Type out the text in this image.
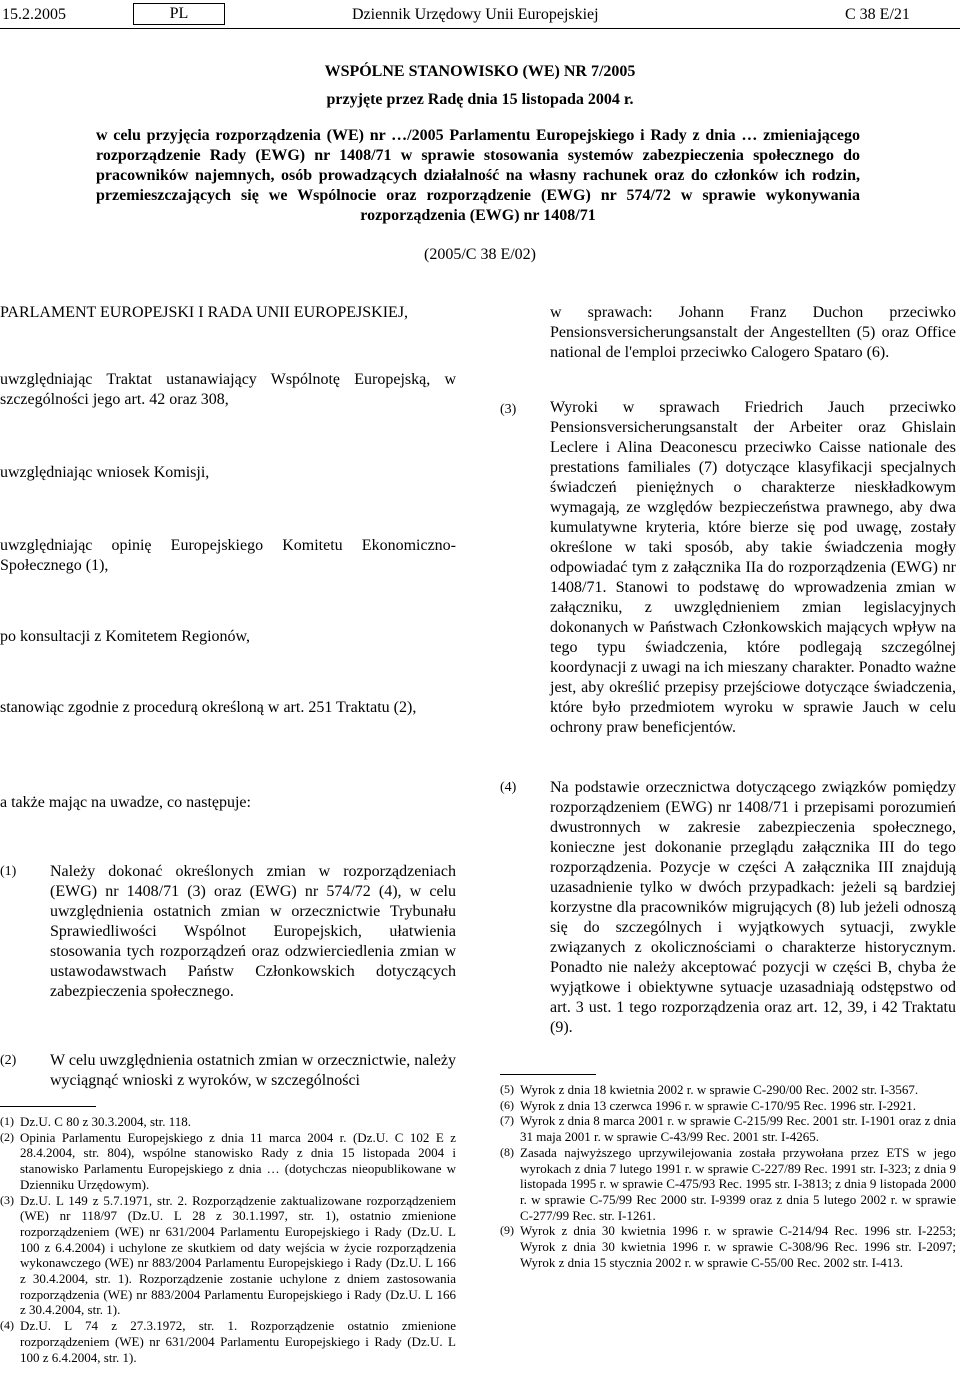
15.2.2005	PL	Dziennik Urzędowy Unii Europejskiej	C 38 E/21
WSPÓLNE STANOWISKO (WE) NR 7/2005
przyjęte przez Radę dnia 15 listopada 2004 r.
w celu przyjęcia rozporządzenia (WE) nr …/2005 Parlamentu Europejskiego i Rady z dnia … zmieniającego rozporządzenie Rady (EWG) nr 1408/71 w sprawie stosowania systemów zabezpieczenia społecznego do pracowników najemnych, osób prowadzących działalność na własny rachunek oraz do członków ich rodzin, przemieszczających się we Wspólnocie oraz rozporządzenie (EWG) nr 574/72 w sprawie wykonywania rozporządzenia (EWG) nr 1408/71
(2005/C 38 E/02)
PARLAMENT EUROPEJSKI I RADA UNII EUROPEJSKIEJ,
uwzględniając Traktat ustanawiający Wspólnotę Europejską, w szczególności jego art. 42 oraz 308,
uwzględniając wniosek Komisji,
uwzględniając opinię Europejskiego Komitetu Ekonomiczno-Społecznego (1),
po konsultacji z Komitetem Regionów,
stanowiąc zgodnie z procedurą określoną w art. 251 Traktatu (2),
a także mając na uwadze, co następuje:
(1) Należy dokonać określonych zmian w rozporządzeniach (EWG) nr 1408/71 (3) oraz (EWG) nr 574/72 (4), w celu uwzględnienia ostatnich zmian w orzecznictwie Trybunału Sprawiedliwości Wspólnot Europejskich, ułatwienia stosowania tych rozporządzeń oraz odzwierciedlenia zmian w ustawodawstwach Państw Członkowskich dotyczących zabezpieczenia społecznego.
(2) W celu uwzględnienia ostatnich zmian w orzecznictwie, należy wyciągnąć wnioski z wyroków, w szczególności
(1) Dz.U. C 80 z 30.3.2004, str. 118.
(2) Opinia Parlamentu Europejskiego z dnia 11 marca 2004 r. (Dz.U. C 102 E z 28.4.2004, str. 804), wspólne stanowisko Rady z dnia 15 listopada 2004 i stanowisko Parlamentu Europejskiego z dnia … (dotychczas nieopublikowane w Dzienniku Urzędowym).
(3) Dz.U. L 149 z 5.7.1971, str. 2. Rozporządzenie zaktualizowane rozporządzeniem (WE) nr 118/97 (Dz.U. L 28 z 30.1.1997, str. 1), ostatnio zmienione rozporządzeniem (WE) nr 631/2004 Parlamentu Europejskiego i Rady (Dz.U. L 100 z 6.4.2004) i uchylone ze skutkiem od daty wejścia w życie rozporządzenia wykonawczego (WE) nr 883/2004 Parlamentu Europejskiego i Rady (Dz.U. L 166 z 30.4.2004, str. 1). Rozporządzenie zostanie uchylone z dniem zastosowania rozporządzenia (WE) nr 883/2004 Parlamentu Europejskiego i Rady (Dz.U. L 166 z 30.4.2004, str. 1).
(4) Dz.U. L 74 z 27.3.1972, str. 1. Rozporządzenie ostatnio zmienione rozporządzeniem (WE) nr 631/2004 Parlamentu Europejskiego i Rady (Dz.U. L 100 z 6.4.2004, str. 1).
w sprawach: Johann Franz Duchon przeciwko Pensionsversicherungsanstalt der Angestellten (5) oraz Office national de l'emploi przeciwko Calogero Spataro (6).
(3) Wyroki w sprawach Friedrich Jauch przeciwko Pensionsversicherungsanstalt der Arbeiter oraz Ghislain Leclere i Alina Deaconescu przeciwko Caisse nationale des prestations familiales (7) dotyczące klasyfikacji specjalnych świadczeń pieniężnych o charakterze nieskładkowym wymagają, ze względów bezpieczeństwa prawnego, aby dwa kumulatywne kryteria, które bierze się pod uwagę, zostały określone w taki sposób, aby takie świadczenia mogły odpowiadać tym z załącznika IIa do rozporządzenia (EWG) nr 1408/71. Stanowi to podstawę do wprowadzenia zmian w załączniku, z uwzględnieniem zmian legislacyjnych dokonanych w Państwach Członkowskich mających wpływ na tego typu świadczenia, które podlegają szczególnej koordynacji z uwagi na ich mieszany charakter. Ponadto ważne jest, aby określić przepisy przejściowe dotyczące świadczenia, które było przedmiotem wyroku w sprawie Jauch w celu ochrony praw beneficjentów.
(4) Na podstawie orzecznictwa dotyczącego związków pomiędzy rozporządzeniem (EWG) nr 1408/71 i przepisami porozumień dwustronnych w zakresie zabezpieczenia społecznego, konieczne jest dokonanie przeglądu załącznika III do tego rozporządzenia. Pozycje w części A załącznika III znajdują uzasadnienie tylko w dwóch przypadkach: jeżeli są bardziej korzystne dla pracowników migrujących (8) lub jeżeli odnoszą się do szczególnych i wyjątkowych sytuacji, zwykle związanych z okolicznościami o charakterze historycznym. Ponadto nie należy akceptować pozycji w części B, chyba że wyjątkowe i obiektywne sytuacje uzasadniają odstępstwo od art. 3 ust. 1 tego rozporządzenia oraz art. 12, 39, i 42 Traktatu (9).
(5) Wyrok z dnia 18 kwietnia 2002 r. w sprawie C-290/00 Rec. 2002 str. I-3567.
(6) Wyrok z dnia 13 czerwca 1996 r. w sprawie C-170/95 Rec. 1996 str. I-2921.
(7) Wyrok z dnia 8 marca 2001 r. w sprawie C-215/99 Rec. 2001 str. I-1901 oraz z dnia 31 maja 2001 r. w sprawie C-43/99 Rec. 2001 str. I-4265.
(8) Zasada najwyższego uprzywilejowania została przywołana przez ETS w jego wyrokach z dnia 7 lutego 1991 r. w sprawie C-227/89 Rec. 1991 str. I-323; z dnia 9 listopada 1995 r. w sprawie C-475/93 Rec. 1995 str. I-3813; z dnia 9 listopada 2000 r. w sprawie C-75/99 Rec 2000 str. I-9399 oraz z dnia 5 lutego 2002 r. w sprawie C-277/99 Rec. str. I-1261.
(9) Wyrok z dnia 30 kwietnia 1996 r. w sprawie C-214/94 Rec. 1996 str. I-2253; Wyrok z dnia 30 kwietnia 1996 r. w sprawie C-308/96 Rec. 1996 str. I-2097; Wyrok z dnia 15 stycznia 2002 r. w sprawie C-55/00 Rec. 2002 str. I-413.
